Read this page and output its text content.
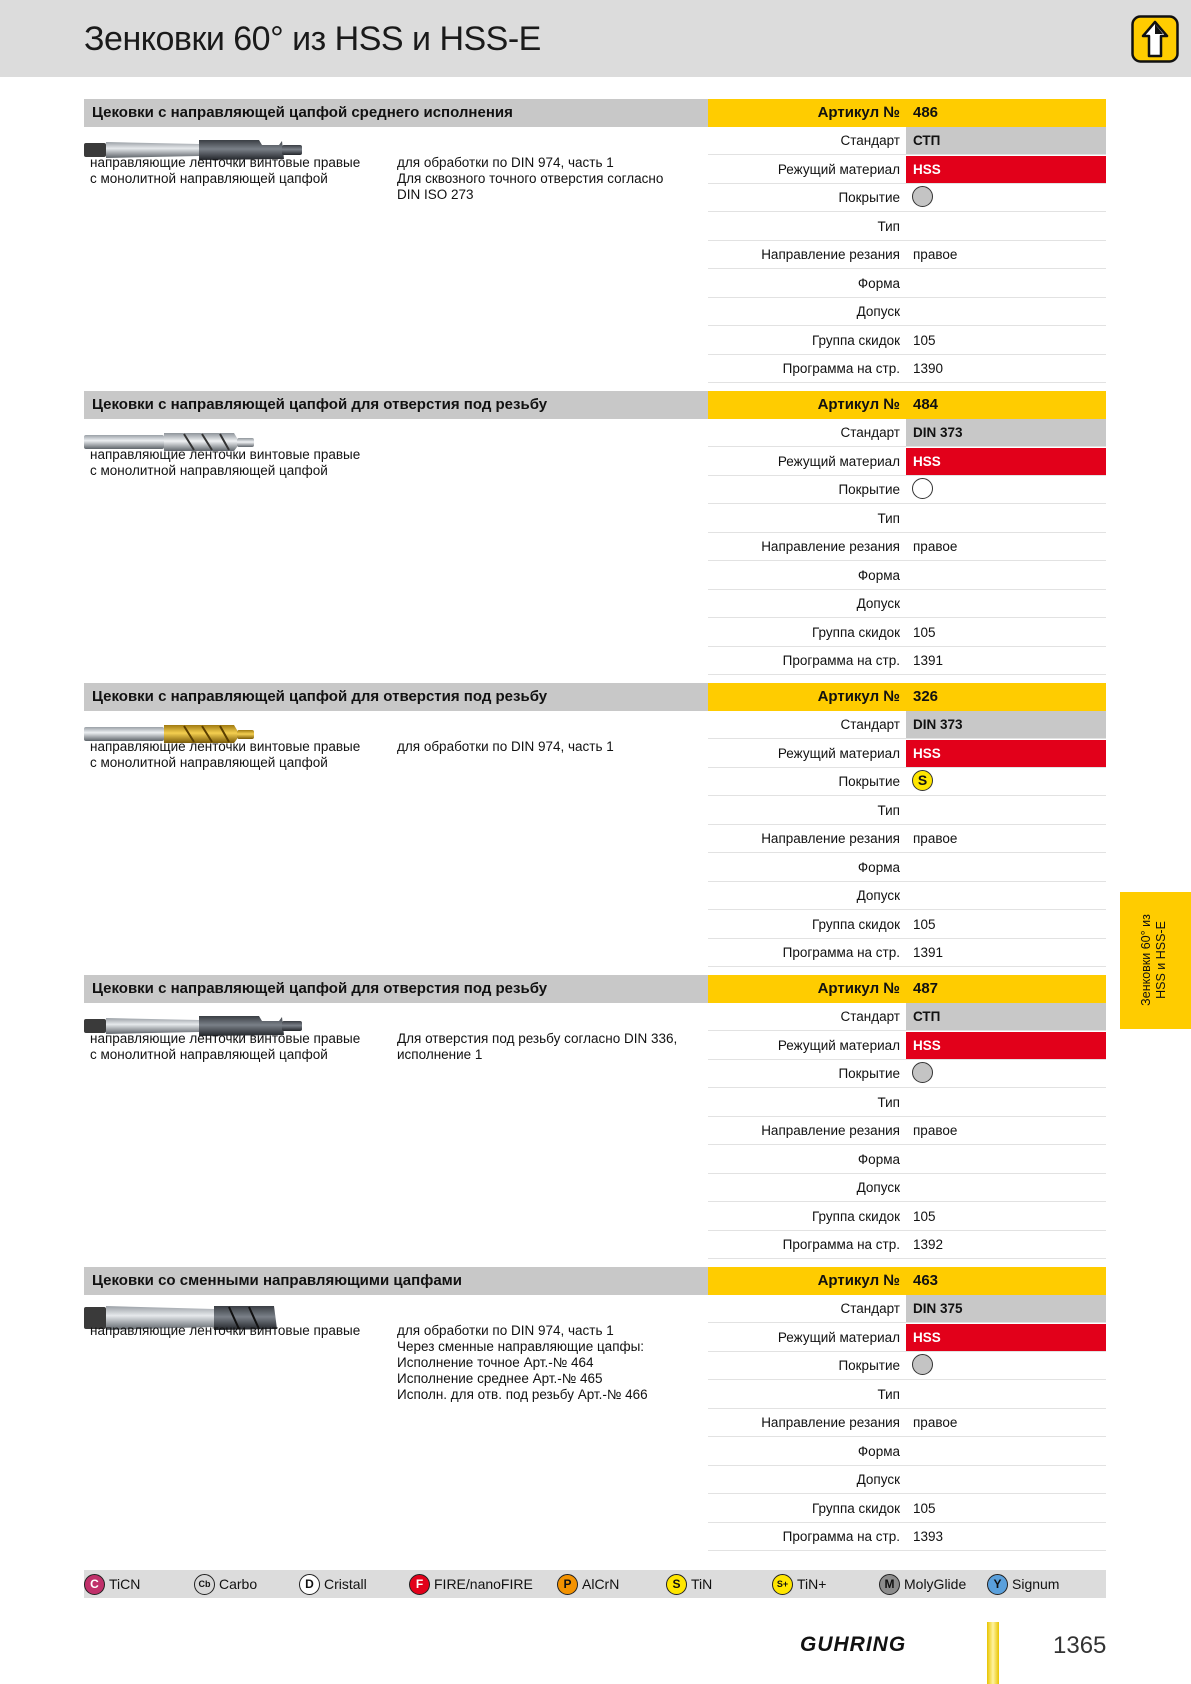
Зенковки 60° из HSS и HSS-E
Цековки с направляющей цапфой среднего исполнения	Артикул № 486
Стандарт СТП
Режущий материал HSS
Покрытие
Тип
Направление резания правое
Форма
Допуск
Группа скидок 105
Программа на стр. 1390
направляющие ленточки винтовые правые
с монолитной направляющей цапфой
для обработки по DIN 974, часть 1
Для сквозного точного отверстия согласно
DIN ISO 273
Цековки с направляющей цапфой для отверстия под резьбу	Артикул № 484
Стандарт DIN 373
Режущий материал HSS
Покрытие
Тип
Направление резания правое
Форма
Допуск
Группа скидок 105
Программа на стр. 1391
направляющие ленточки винтовые правые
с монолитной направляющей цапфой
Цековки с направляющей цапфой для отверстия под резьбу	Артикул № 326
Стандарт DIN 373
Режущий материал HSS
Покрытие	S
Тип
Направление резания правое
Форма
Допуск
Группа скидок 105
Программа на стр. 1391
направляющие ленточки винтовые правые
с монолитной направляющей цапфой
для обработки по DIN 974, часть 1
Цековки с направляющей цапфой для отверстия под резьбу	Артикул № 487
Стандарт СТП
Режущий материал HSS
Покрытие
Тип
Направление резания правое
Форма
Допуск
Группа скидок 105
Программа на стр. 1392
направляющие ленточки винтовые правые
с монолитной направляющей цапфой
Для отверстия под резьбу согласно DIN 336,
исполнение 1
Цековки со сменными направляющими цапфами	Артикул № 463
Стандарт DIN 375
Режущий материал HSS
Покрытие
Тип
Направление резания правое
Форма
Допуск
Группа скидок 105
Программа на стр. 1393
направляющие ленточки винтовые правые	для обработки по DIN 974, часть 1
Через сменные направляющие цапфы:
Исполнение точное Арт.-№ 464
Исполнение среднее Арт.-№ 465
Исполн. для отв. под резьбу Арт.-№ 466
C TiCN	Cb Carbo	D Cristall	F FIRE/nanoFIRE	P AlCrN	S TiN	S+ TiN+	M MolyGlide	Y Signum
Зенковки 60° из HSS и HSS-E
GUHRING	1365
